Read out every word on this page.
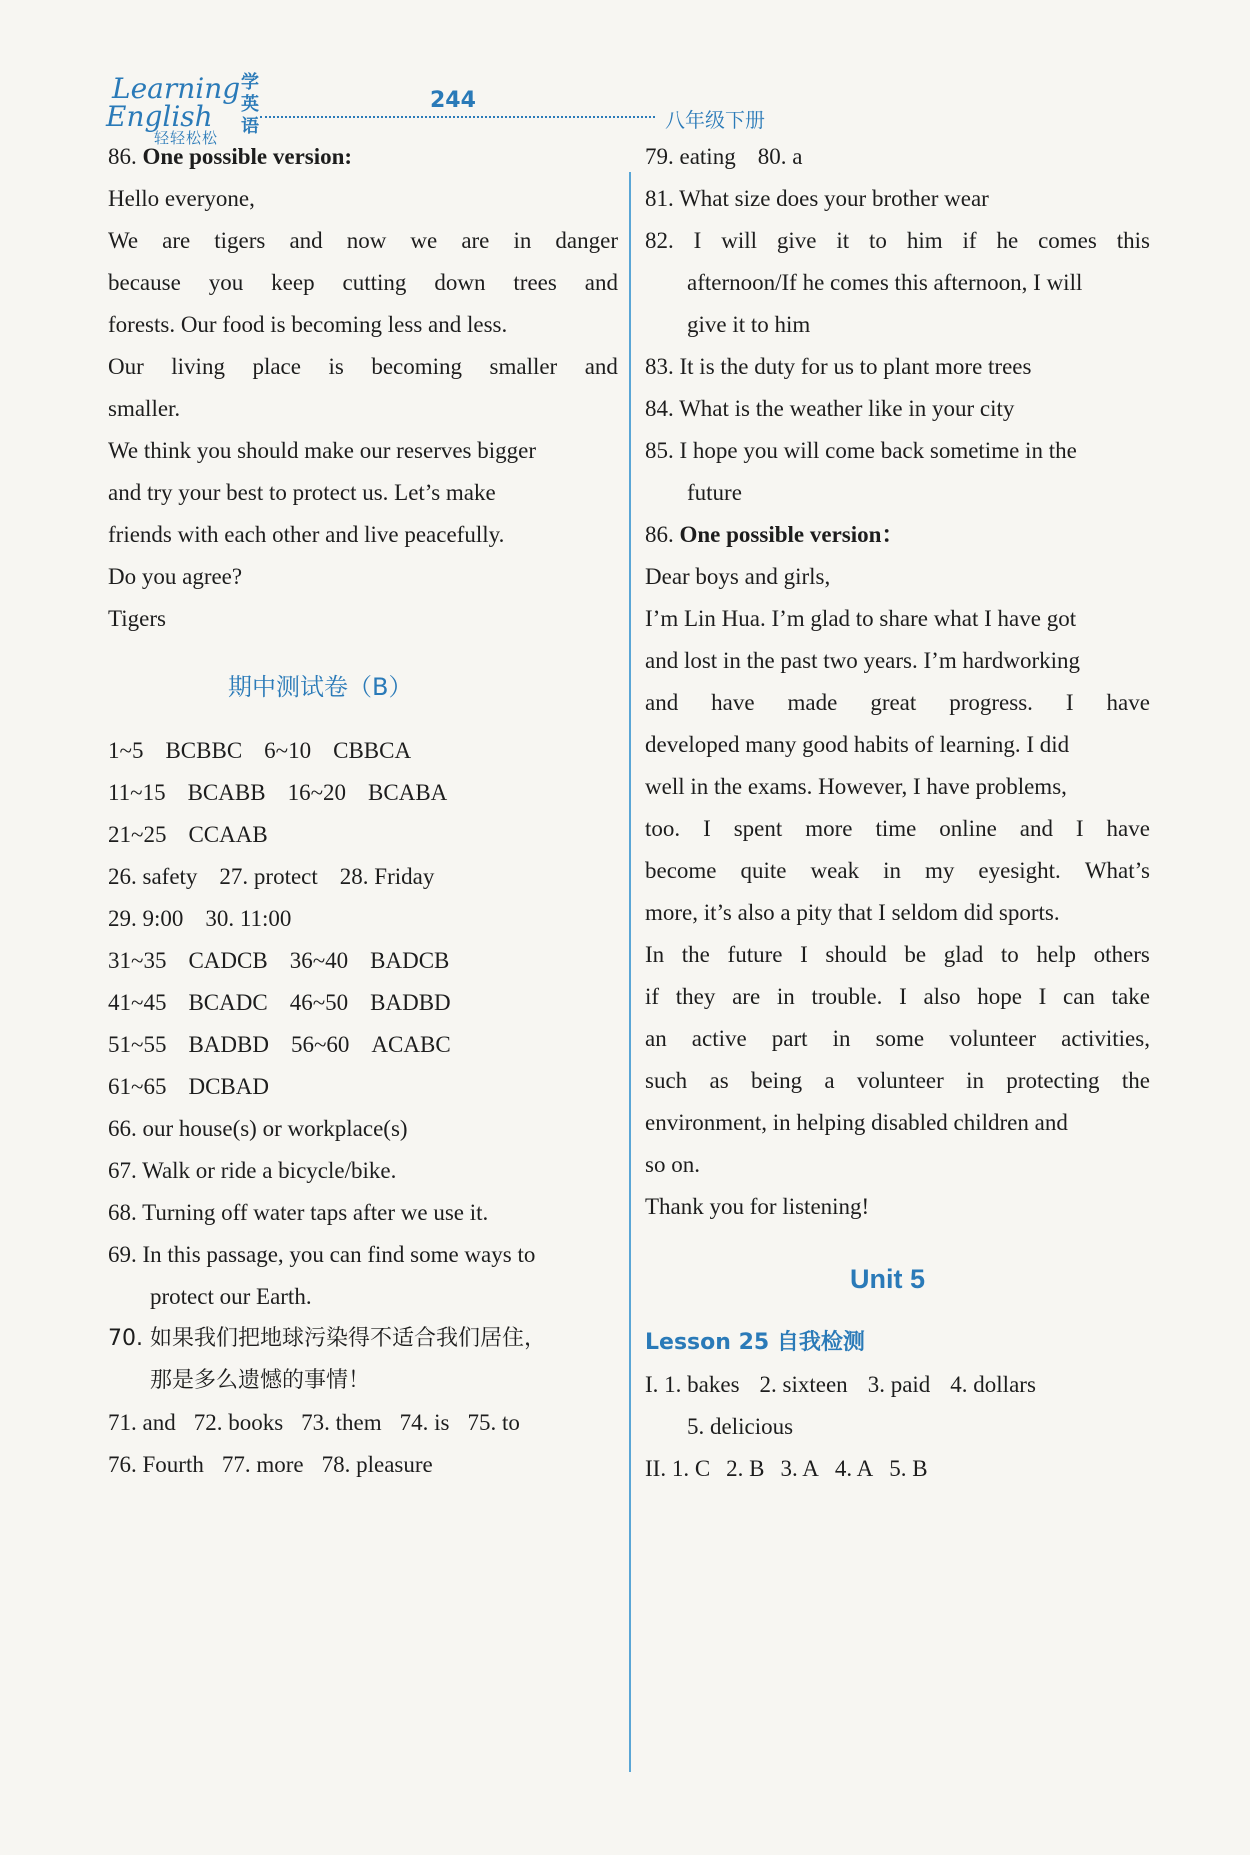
Learning
English
轻轻松松
学英语
244
八年级下册
86. One possible version:
Hello everyone,
We are tigers and now we are in danger
because you keep cutting down trees and
forests. Our food is becoming less and less.
Our living place is becoming smaller and
smaller.
We think you should make our reserves bigger
and try your best to protect us. Let’s make
friends with each other and live peacefully.
Do you agree?
Tigers
期中测试卷（B）
1~5 BCBBC 6~10 CBBCA
11~15 BCABB 16~20 BCABA
21~25 CCAAB
26. safety 27. protect 28. Friday
29. 9:00 30. 11:00
31~35 CADCB 36~40 BADCB
41~45 BCADC 46~50 BADBD
51~55 BADBD 56~60 ACABC
61~65 DCBAD
66. our house(s) or workplace(s)
67. Walk or ride a bicycle/bike.
68. Turning off water taps after we use it.
69. In this passage, you can find some ways to
protect our Earth.
70. 如果我们把地球污染得不适合我们居住，
那是多么遗憾的事情！
71. and 72. books 73. them 74. is 75. to
76. Fourth 77. more 78. pleasure
79. eating 80. a
81. What size does your brother wear
82. I will give it to him if he comes this
afternoon/If he comes this afternoon, I will
give it to him
83. It is the duty for us to plant more trees
84. What is the weather like in your city
85. I hope you will come back sometime in the
future
86. One possible version：
Dear boys and girls,
I’m Lin Hua. I’m glad to share what I have got
and lost in the past two years. I’m hardworking
and have made great progress. I have
developed many good habits of learning. I did
well in the exams. However, I have problems,
too. I spent more time online and I have
become quite weak in my eyesight. What’s
more, it’s also a pity that I seldom did sports.
In the future I should be glad to help others
if they are in trouble. I also hope I can take
an active part in some volunteer activities,
such as being a volunteer in protecting the
environment, in helping disabled children and
so on.
Thank you for listening!
Unit 5
Lesson 25 自我检测
I. 1. bakes 2. sixteen 3. paid 4. dollars
5. delicious
II. 1. C 2. B 3. A 4. A 5. B
